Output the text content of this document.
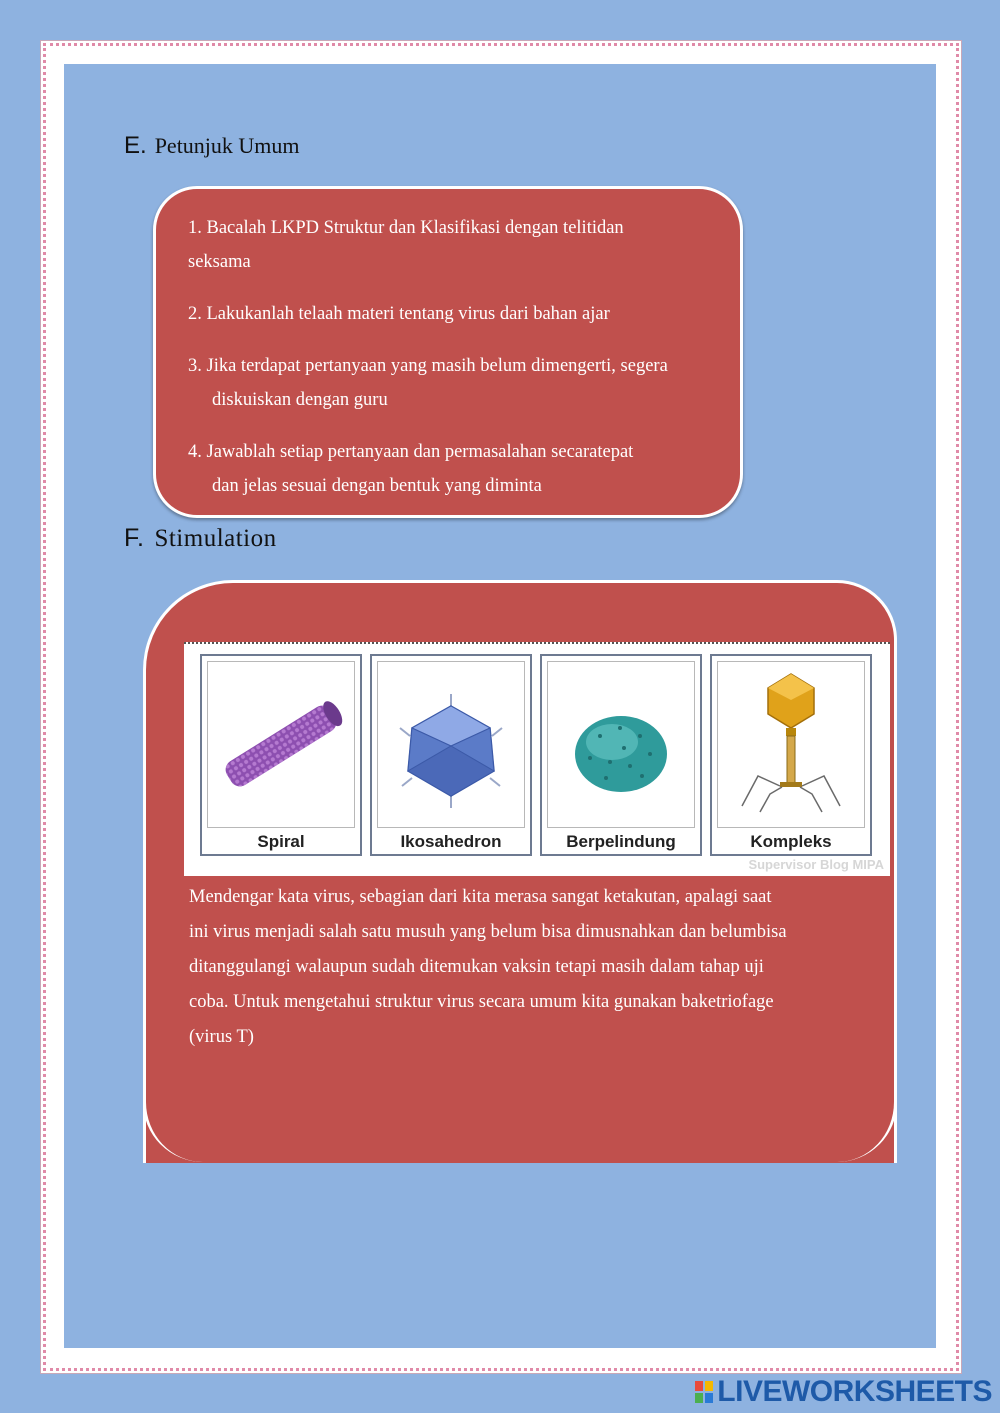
E. Petunjuk Umum
1. Bacalah LKPD Struktur dan Klasifikasi dengan telitidan
seksama
2. Lakukanlah telaah materi tentang virus dari bahan ajar
3. Jika terdapat pertanyaan yang masih belum dimengerti, segera
diskuiskan dengan guru
4. Jawablah setiap pertanyaan dan permasalahan secaratepat
dan jelas sesuai dengan bentuk yang diminta
F. Stimulation
Spiral	Ikosahedron	Berpelindung	Kompleks
Supervisor Blog MIPA
Mendengar kata virus, sebagian dari kita merasa sangat ketakutan, apalagi saat
ini virus menjadi salah satu musuh yang belum bisa dimusnahkan dan belumbisa
ditanggulangi walaupun sudah ditemukan vaksin tetapi masih dalam tahap uji
coba. Untuk mengetahui struktur virus secara umum kita gunakan baketriofage
(virus T)
LIVEWORKSHEETS
